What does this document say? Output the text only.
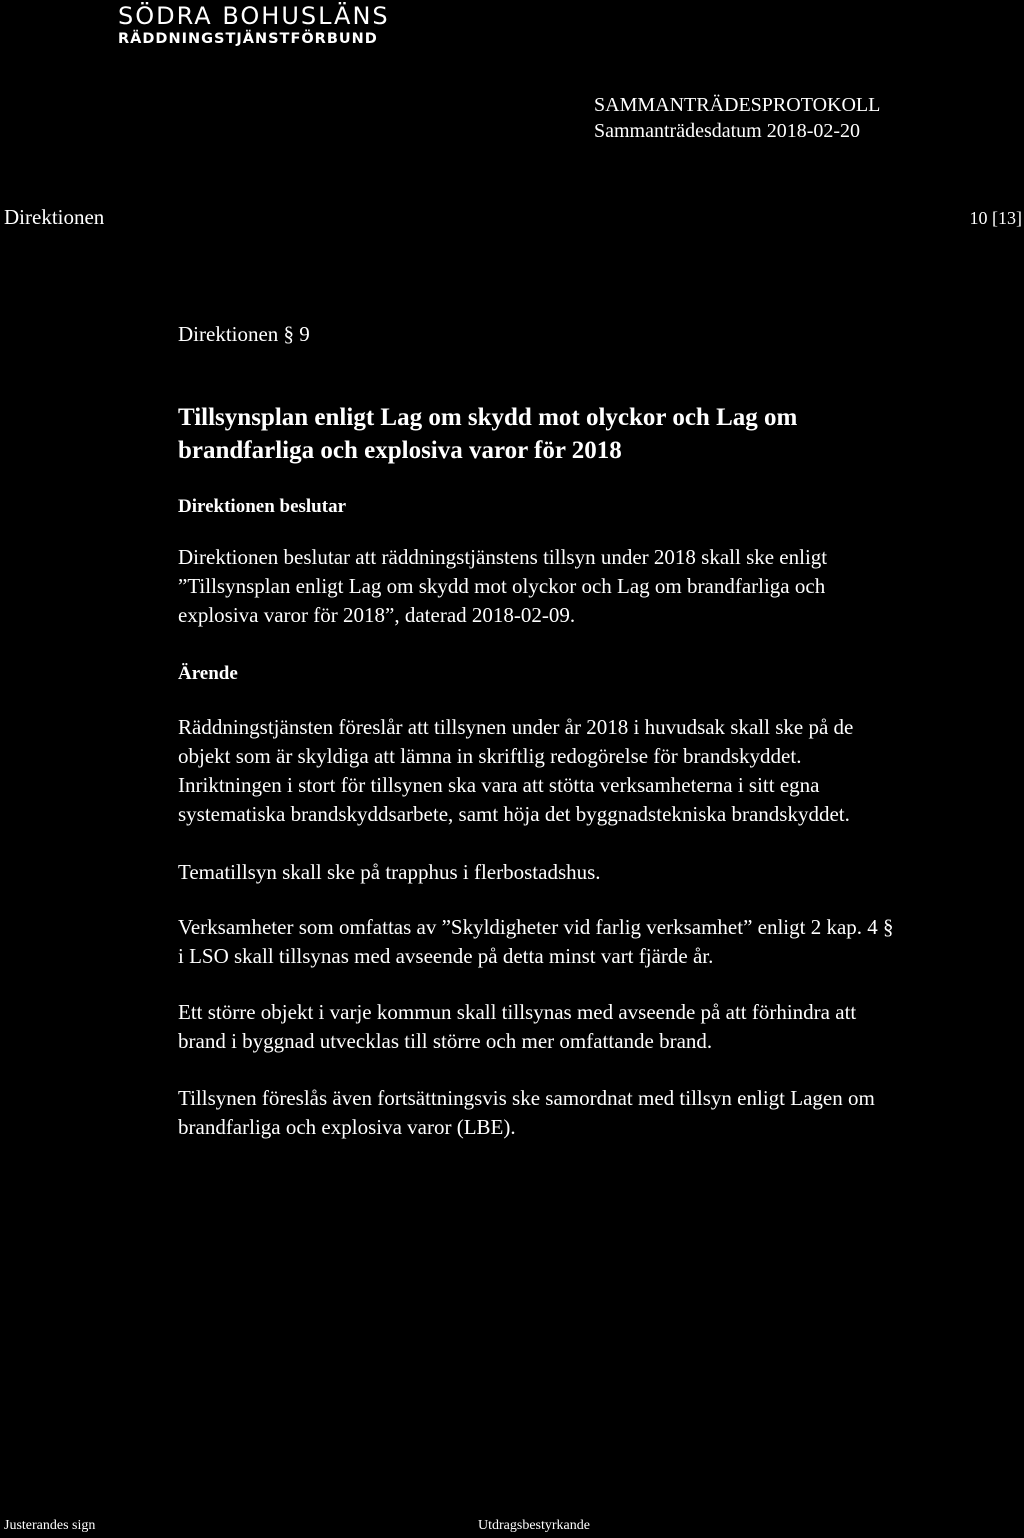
SÖDRA BOHUSLÄNS
RÄDDNINGSTJÄNSTFÖRBUND
SAMMANTRÄDESPROTOKOLL
Sammanträdesdatum 2018-02-20
Direktionen	10 [13]
Direktionen § 9
Tillsynsplan enligt Lag om skydd mot olyckor och Lag om
brandfarliga och explosiva varor för 2018
Direktionen beslutar

Direktionen beslutar att räddningstjänstens tillsyn under 2018 skall ske enligt
”Tillsynsplan enligt Lag om skydd mot olyckor och Lag om brandfarliga och
explosiva varor för 2018”, daterad 2018-02-09.

Ärende

Räddningstjänsten föreslår att tillsynen under år 2018 i huvudsak skall ske på de
objekt som är skyldiga att lämna in skriftlig redogörelse för brandskyddet.
Inriktningen i stort för tillsynen ska vara att stötta verksamheterna i sitt egna
systematiska brandskyddsarbete, samt höja det byggnadstekniska brandskyddet.

Tematillsyn skall ske på trapphus i flerbostadshus.

Verksamheter som omfattas av ”Skyldigheter vid farlig verksamhet” enligt 2 kap. 4 §
i LSO skall tillsynas med avseende på detta minst vart fjärde år.

Ett större objekt i varje kommun skall tillsynas med avseende på att förhindra att
brand i byggnad utvecklas till större och mer omfattande brand.

Tillsynen föreslås även fortsättningsvis ske samordnat med tillsyn enligt Lagen om
brandfarliga och explosiva varor (LBE).

Justerandes sign	Utdragsbestyrkande
